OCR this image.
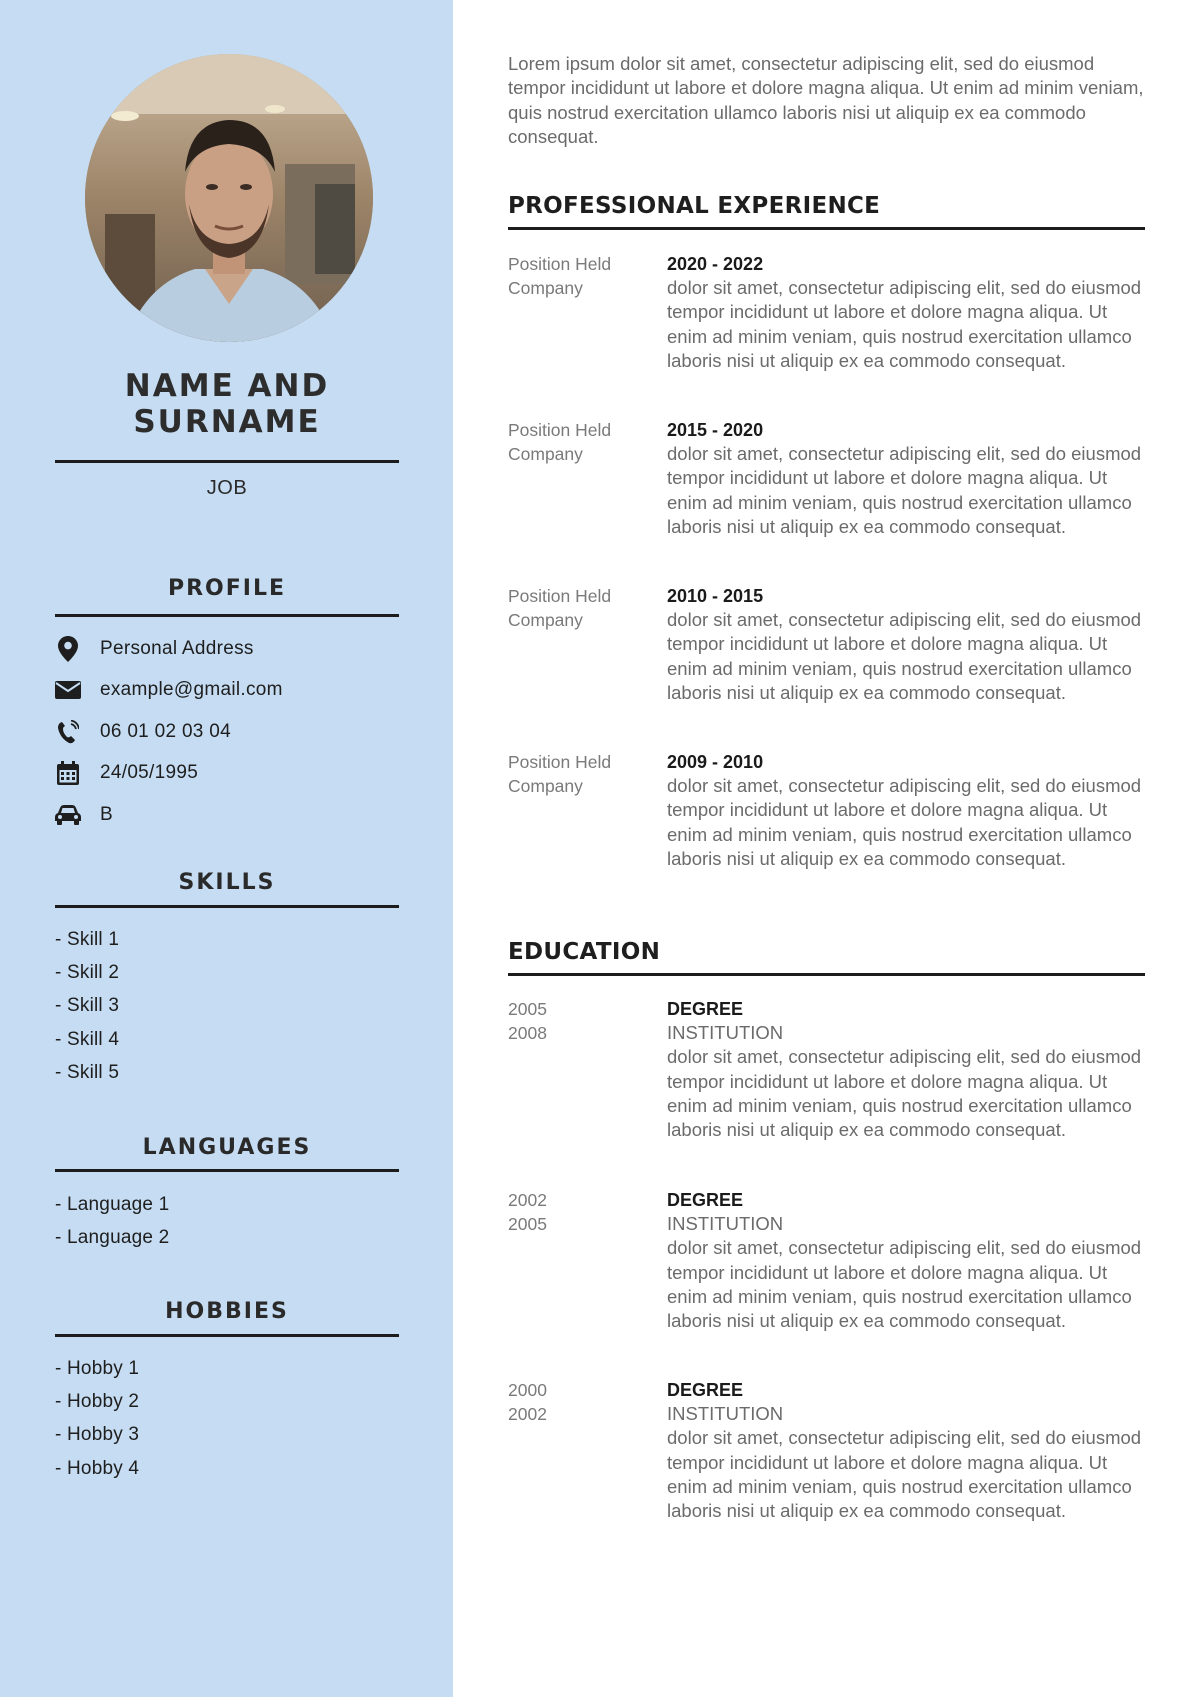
NAME AND SURNAME
JOB
PROFILE
Personal Address
example@gmail.com
06 01 02 03 04
24/05/1995
B
SKILLS
- Skill 1
- Skill 2
- Skill 3
- Skill 4
- Skill 5
LANGUAGES
- Language 1
- Language 2
HOBBIES
- Hobby 1
- Hobby 2
- Hobby 3
- Hobby 4

Lorem ipsum dolor sit amet, consectetur adipiscing elit, sed do eiusmod tempor incididunt ut labore et dolore magna aliqua. Ut enim ad minim veniam, quis nostrud exercitation ullamco laboris nisi ut aliquip ex ea commodo consequat.

PROFESSIONAL EXPERIENCE
Position Held
Company
2020 - 2022
dolor sit amet, consectetur adipiscing elit, sed do eiusmod tempor incididunt ut labore et dolore magna aliqua. Ut enim ad minim veniam, quis nostrud exercitation ullamco laboris nisi ut aliquip ex ea commodo consequat.
Position Held
Company
2015 - 2020
dolor sit amet, consectetur adipiscing elit, sed do eiusmod tempor incididunt ut labore et dolore magna aliqua. Ut enim ad minim veniam, quis nostrud exercitation ullamco laboris nisi ut aliquip ex ea commodo consequat.
Position Held
Company
2010 - 2015
dolor sit amet, consectetur adipiscing elit, sed do eiusmod tempor incididunt ut labore et dolore magna aliqua. Ut enim ad minim veniam, quis nostrud exercitation ullamco laboris nisi ut aliquip ex ea commodo consequat.
Position Held
Company
2009 - 2010
dolor sit amet, consectetur adipiscing elit, sed do eiusmod tempor incididunt ut labore et dolore magna aliqua. Ut enim ad minim veniam, quis nostrud exercitation ullamco laboris nisi ut aliquip ex ea commodo consequat.
EDUCATION
2005
2008
DEGREE
INSTITUTION
dolor sit amet, consectetur adipiscing elit, sed do eiusmod tempor incididunt ut labore et dolore magna aliqua. Ut enim ad minim veniam, quis nostrud exercitation ullamco laboris nisi ut aliquip ex ea commodo consequat.
2002
2005
DEGREE
INSTITUTION
dolor sit amet, consectetur adipiscing elit, sed do eiusmod tempor incididunt ut labore et dolore magna aliqua. Ut enim ad minim veniam, quis nostrud exercitation ullamco laboris nisi ut aliquip ex ea commodo consequat.
2000
2002
DEGREE
INSTITUTION
dolor sit amet, consectetur adipiscing elit, sed do eiusmod tempor incididunt ut labore et dolore magna aliqua. Ut enim ad minim veniam, quis nostrud exercitation ullamco laboris nisi ut aliquip ex ea commodo consequat.
